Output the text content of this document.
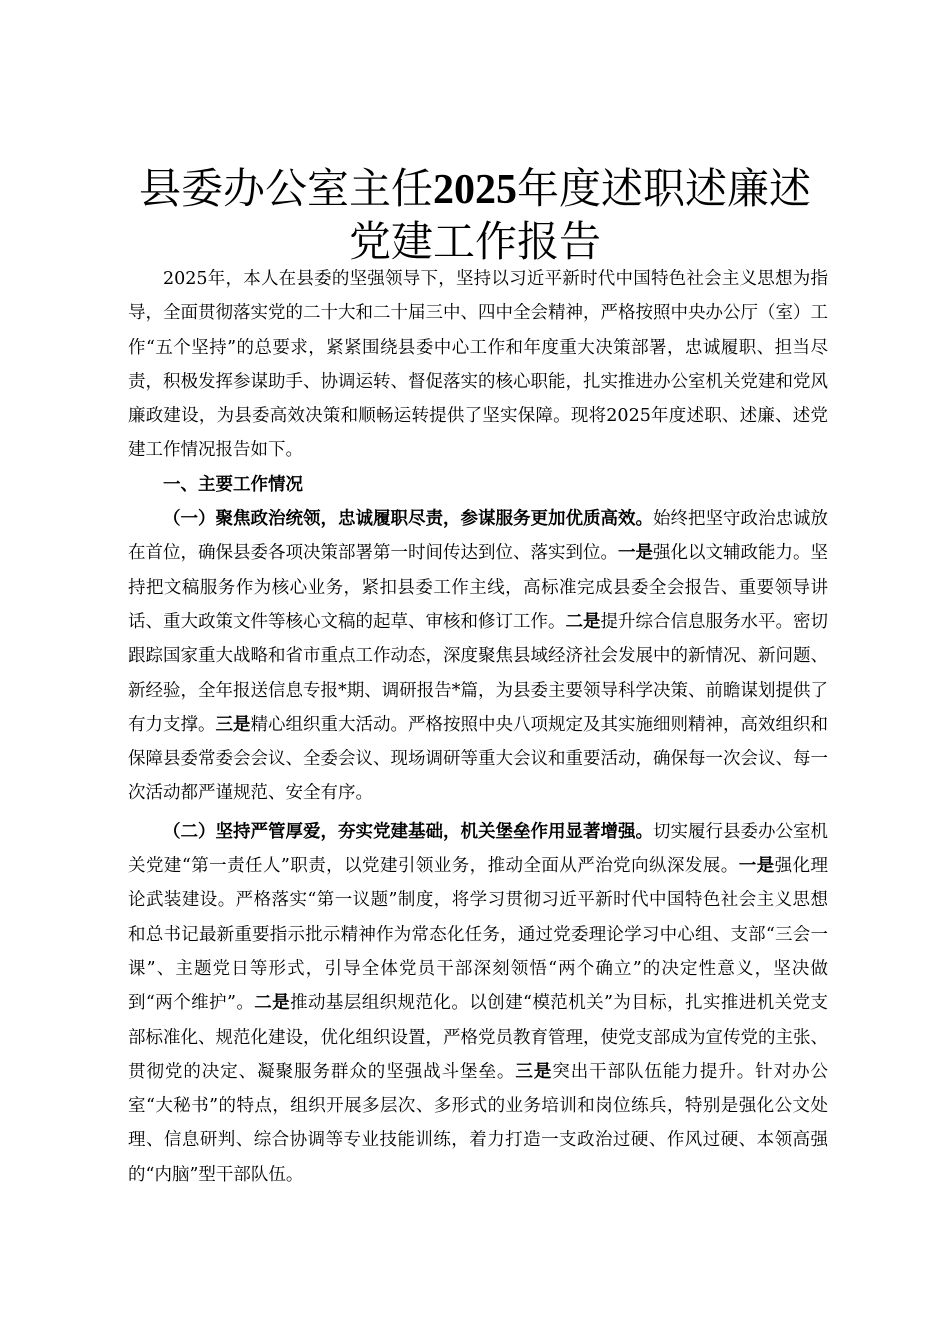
县委办公室主任2025年度述职述廉述党建工作报告

2025年，本人在县委的坚强领导下，坚持以习近平新时代中国特色社会主义思想为指导，全面贯彻落实党的二十大和二十届三中、四中全会精神，严格按照中央办公厅（室）工作“五个坚持”的总要求，紧紧围绕县委中心工作和年度重大决策部署，忠诚履职、担当尽责，积极发挥参谋助手、协调运转、督促落实的核心职能，扎实推进办公室机关党建和党风廉政建设，为县委高效决策和顺畅运转提供了坚实保障。现将2025年度述职、述廉、述党建工作情况报告如下。

一、主要工作情况

（一）聚焦政治统领，忠诚履职尽责，参谋服务更加优质高效。始终把坚守政治忠诚放在首位，确保县委各项决策部署第一时间传达到位、落实到位。一是强化以文辅政能力。坚持把文稿服务作为核心业务，紧扣县委工作主线，高标准完成县委全会报告、重要领导讲话、重大政策文件等核心文稿的起草、审核和修订工作。二是提升综合信息服务水平。密切跟踪国家重大战略和省市重点工作动态，深度聚焦县域经济社会发展中的新情况、新问题、新经验，全年报送信息专报*期、调研报告*篇，为县委主要领导科学决策、前瞻谋划提供了有力支撑。三是精心组织重大活动。严格按照中央八项规定及其实施细则精神，高效组织和保障县委常委会会议、全委会议、现场调研等重大会议和重要活动，确保每一次会议、每一次活动都严谨规范、安全有序。

（二）坚持严管厚爱，夯实党建基础，机关堡垒作用显著增强。切实履行县委办公室机关党建“第一责任人”职责，以党建引领业务，推动全面从严治党向纵深发展。一是强化理论武装建设。严格落实“第一议题”制度，将学习贯彻习近平新时代中国特色社会主义思想和总书记最新重要指示批示精神作为常态化任务，通过党委理论学习中心组、支部“三会一课”、主题党日等形式，引导全体党员干部深刻领悟“两个确立”的决定性意义，坚决做到“两个维护”。二是推动基层组织规范化。以创建“模范机关”为目标，扎实推进机关党支部标准化、规范化建设，优化组织设置，严格党员教育管理，使党支部成为宣传党的主张、贯彻党的决定、凝聚服务群众的坚强战斗堡垒。三是突出干部队伍能力提升。针对办公室“大秘书”的特点，组织开展多层次、多形式的业务培训和岗位练兵，特别是强化公文处理、信息研判、综合协调等专业技能训练，着力打造一支政治过硬、作风过硬、本领高强的“内脑”型干部队伍。
